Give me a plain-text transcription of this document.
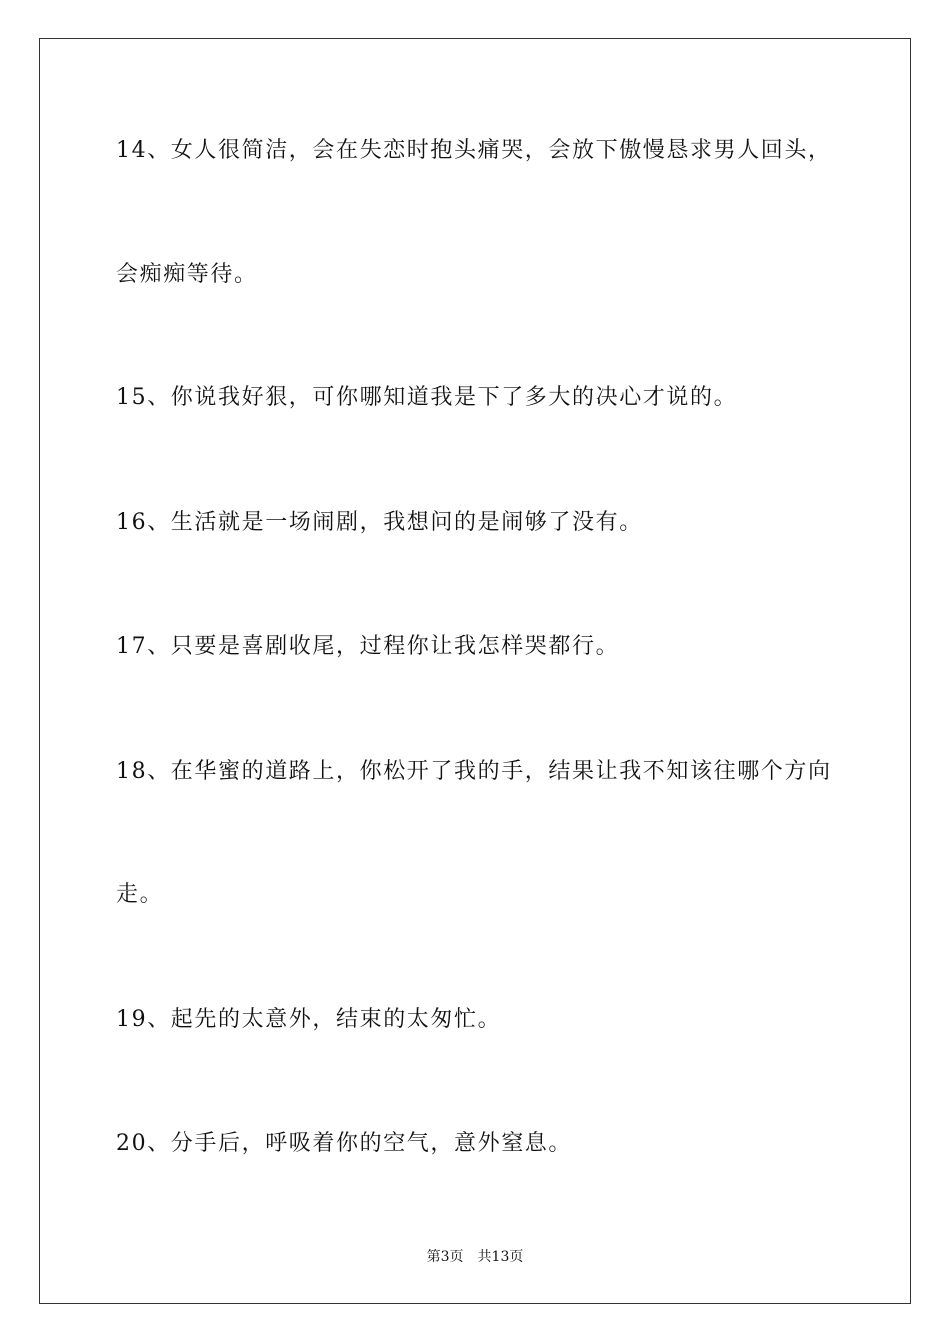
14、女人很简洁，会在失恋时抱头痛哭，会放下傲慢恳求男人回头，
会痴痴等待。
15、你说我好狠，可你哪知道我是下了多大的决心才说的。
16、生活就是一场闹剧，我想问的是闹够了没有。
17、只要是喜剧收尾，过程你让我怎样哭都行。
18、在华蜜的道路上，你松开了我的手，结果让我不知该往哪个方向
走。
19、起先的太意外，结束的太匆忙。
20、分手后，呼吸着你的空气，意外窒息。
第3页 共13页
